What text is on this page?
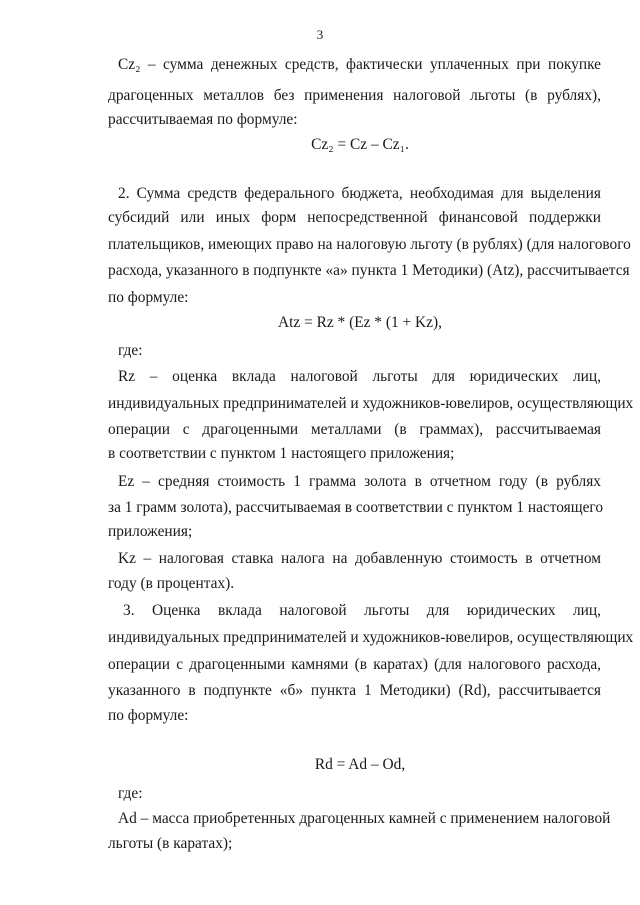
3
Cz₂ – сумма денежных средств, фактически уплаченных при покупке
драгоценных металлов без применения налоговой льготы (в рублях),
рассчитываемая по формуле:
Cz₂ = Cz – Cz₁.
2. Сумма средств федерального бюджета, необходимая для выделения
субсидий или иных форм непосредственной финансовой поддержки
плательщиков, имеющих право на налоговую льготу (в рублях) (для налогового
расхода, указанного в подпункте «а» пункта 1 Методики) (Atz), рассчитывается
по формуле:
Atz = Rz * (Ez * (1 + Kz),
где:
Rz – оценка вклада налоговой льготы для юридических лиц,
индивидуальных предпринимателей и художников-ювелиров, осуществляющих
операции с драгоценными металлами (в граммах), рассчитываемая
в соответствии с пунктом 1 настоящего приложения;
Ez – средняя стоимость 1 грамма золота в отчетном году (в рублях
за 1 грамм золота), рассчитываемая в соответствии с пунктом 1 настоящего
приложения;
Kz – налоговая ставка налога на добавленную стоимость в отчетном
году (в процентах).
3. Оценка вклада налоговой льготы для юридических лиц,
индивидуальных предпринимателей и художников-ювелиров, осуществляющих
операции с драгоценными камнями (в каратах) (для налогового расхода,
указанного в подпункте «б» пункта 1 Методики) (Rd), рассчитывается
по формуле:
Rd = Ad – Od,
где:
Ad – масса приобретенных драгоценных камней с применением налоговой
льготы (в каратах);
